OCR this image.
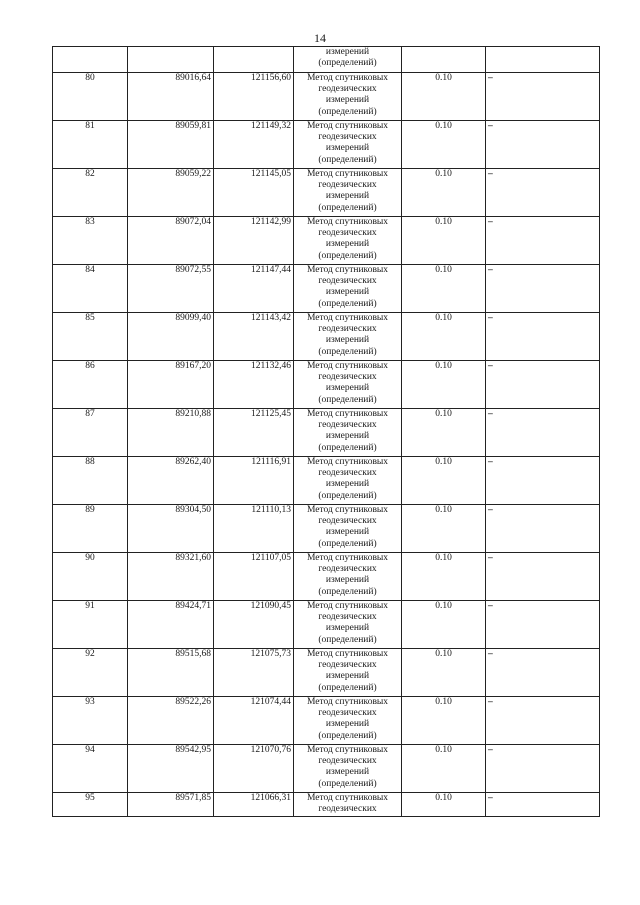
14

			измерений
(определений)		

80	89016,64	121156,60	Метод спутниковых
геодезических
измерений
(определений)	0.10	–
81	89059,81	121149,32	Метод спутниковых
геодезических
измерений
(определений)	0.10	–
82	89059,22	121145,05	Метод спутниковых
геодезических
измерений
(определений)	0.10	–
83	89072,04	121142,99	Метод спутниковых
геодезических
измерений
(определений)	0.10	–
84	89072,55	121147,44	Метод спутниковых
геодезических
измерений
(определений)	0.10	–
85	89099,40	121143,42	Метод спутниковых
геодезических
измерений
(определений)	0.10	–
86	89167,20	121132,46	Метод спутниковых
геодезических
измерений
(определений)	0.10	–
87	89210,88	121125,45	Метод спутниковых
геодезических
измерений
(определений)	0.10	–
88	89262,40	121116,91	Метод спутниковых
геодезических
измерений
(определений)	0.10	–
89	89304,50	121110,13	Метод спутниковых
геодезических
измерений
(определений)	0.10	–
90	89321,60	121107,05	Метод спутниковых
геодезических
измерений
(определений)	0.10	–
91	89424,71	121090,45	Метод спутниковых
геодезических
измерений
(определений)	0.10	–
92	89515,68	121075,73	Метод спутниковых
геодезических
измерений
(определений)	0.10	–
93	89522,26	121074,44	Метод спутниковых
геодезических
измерений
(определений)	0.10	–
94	89542,95	121070,76	Метод спутниковых
геодезических
измерений
(определений)	0.10	–
95	89571,85	121066,31	Метод спутниковых
геодезических	0.10	–
